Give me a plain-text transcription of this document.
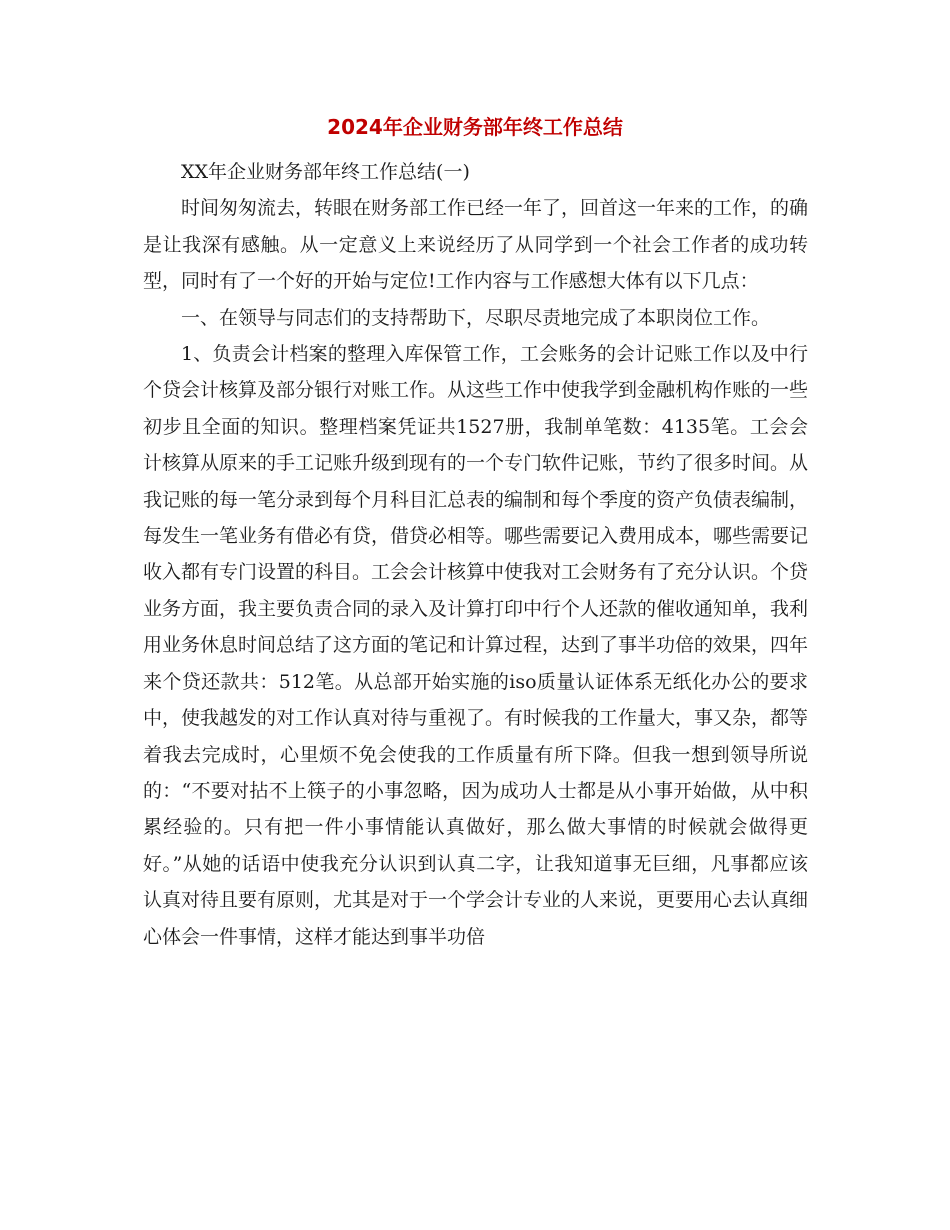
2024年企业财务部年终工作总结

XX年企业财务部年终工作总结(一)

时间匆匆流去，转眼在财务部工作已经一年了，回首这一年来的工作，的确是让我深有感触。从一定意义上来说经历了从同学到一个社会工作者的成功转型，同时有了一个好的开始与定位!工作内容与工作感想大体有以下几点：

一、在领导与同志们的支持帮助下，尽职尽责地完成了本职岗位工作。

1、负责会计档案的整理入库保管工作，工会账务的会计记账工作以及中行个贷会计核算及部分银行对账工作。从这些工作中使我学到金融机构作账的一些初步且全面的知识。整理档案凭证共1527册，我制单笔数：4135笔。工会会计核算从原来的手工记账升级到现有的一个专门软件记账，节约了很多时间。从我记账的每一笔分录到每个月科目汇总表的编制和每个季度的资产负债表编制，每发生一笔业务有借必有贷，借贷必相等。哪些需要记入费用成本，哪些需要记收入都有专门设置的科目。工会会计核算中使我对工会财务有了充分认识。个贷业务方面，我主要负责合同的录入及计算打印中行个人还款的催收通知单，我利用业务休息时间总结了这方面的笔记和计算过程，达到了事半功倍的效果，四年来个贷还款共：512笔。从总部开始实施的iso质量认证体系无纸化办公的要求中，使我越发的对工作认真对待与重视了。有时候我的工作量大，事又杂，都等着我去完成时，心里烦不免会使我的工作质量有所下降。但我一想到领导所说的：“不要对拈不上筷子的小事忽略，因为成功人士都是从小事开始做，从中积累经验的。只有把一件小事情能认真做好，那么做大事情的时候就会做得更好。”从她的话语中使我充分认识到认真二字，让我知道事无巨细，凡事都应该认真对待且要有原则，尤其是对于一个学会计专业的人来说，更要用心去认真细心体会一件事情，这样才能达到事半功倍
